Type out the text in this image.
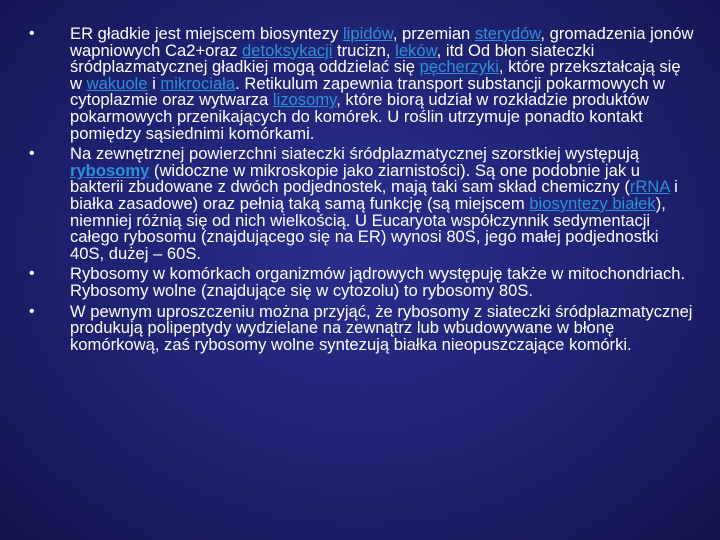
• ER gładkie jest miejscem biosyntezy lipidów, przemian sterydów, gromadzenia jonów wapniowych Ca2+oraz detoksykacji trucizn, leków, itd Od błon siateczki śródplazmatycznej gładkiej mogą oddzielać się pęcherzyki, które przekształcają się w wakuole i mikrociała. Retikulum zapewnia transport substancji pokarmowych w cytoplazmie oraz wytwarza lizosomy, które biorą udział w rozkładzie produktów pokarmowych przenikających do komórek. U roślin utrzymuje ponadto kontakt pomiędzy sąsiednimi komórkami.
• Na zewnętrznej powierzchni siateczki śródplazmatycznej szorstkiej występują rybosomy (widoczne w mikroskopie jako ziarnistości). Są one podobnie jak u bakterii zbudowane z dwóch podjednostek, mają taki sam skład chemiczny (rRNA i białka zasadowe) oraz pełnią taką samą funkcję (są miejscem biosyntezy białek), niemniej różnią się od nich wielkością. U Eucaryota współczynnik sedymentacji całego rybosomu (znajdującego się na ER) wynosi 80S, jego małej podjednostki 40S, dużej – 60S.
• Rybosomy w komórkach organizmów jądrowych występuję także w mitochondriach. Rybosomy wolne (znajdujące się w cytozolu) to rybosomy 80S.
• W pewnym uproszczeniu można przyjąć, że rybosomy z siateczki śródplazmatycznej produkują polipeptydy wydzielane na zewnątrz lub wbudowywane w błonę komórkową, zaś rybosomy wolne syntezują białka nieopuszczające komórki.
